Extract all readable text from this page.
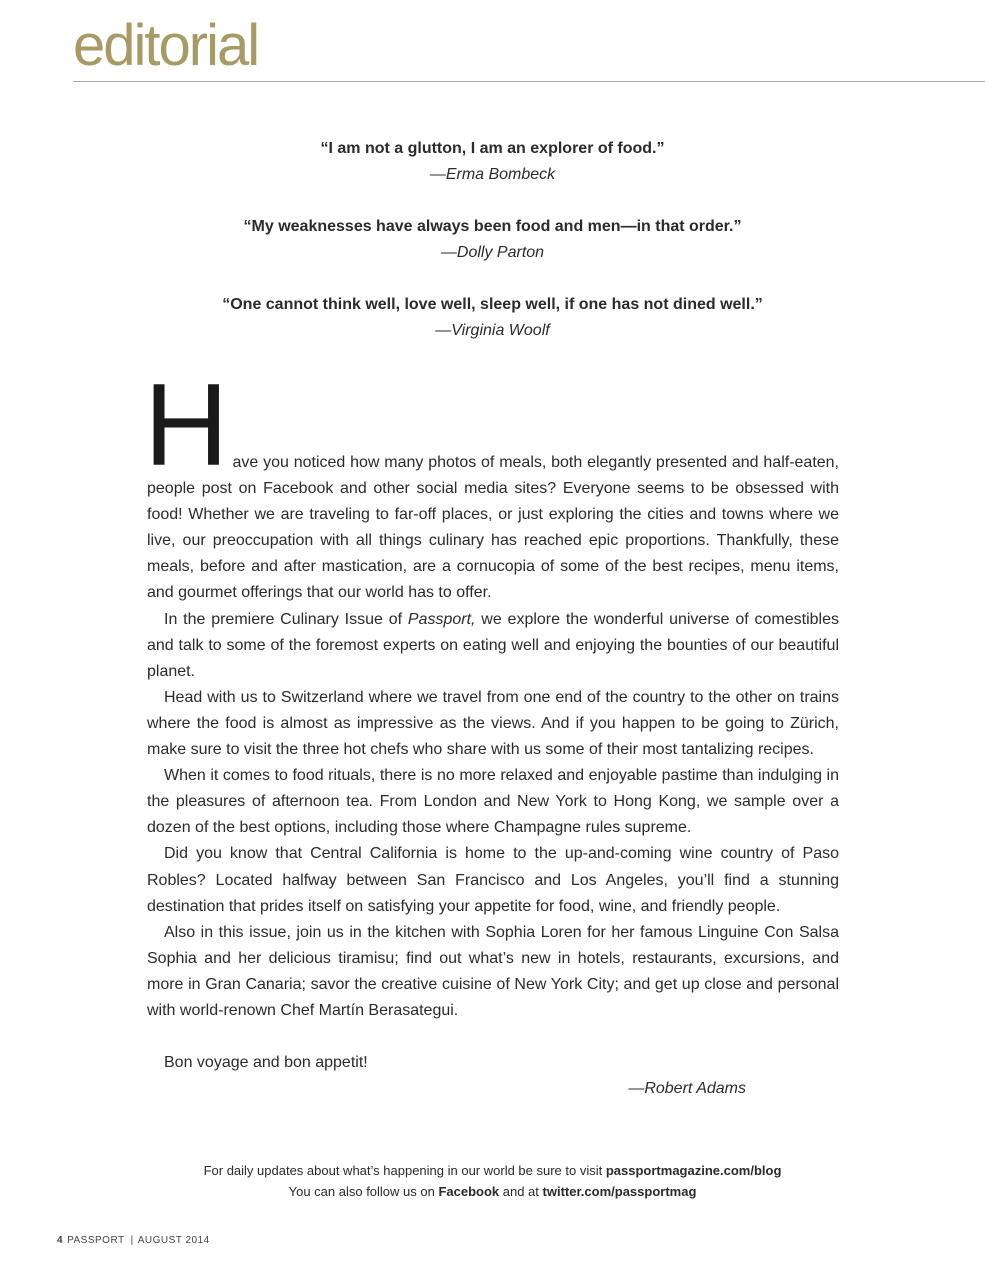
editorial
“I am not a glutton, I am an explorer of food.”
—Erma Bombeck
“My weaknesses have always been food and men—in that order.”
—Dolly Parton
“One cannot think well, love well, sleep well, if one has not dined well.”
—Virginia Woolf

H ave you noticed how many photos of meals, both elegantly presented and half-eaten, people post on Facebook and other social media sites? Everyone seems to be obsessed with food! Whether we are traveling to far-off places, or just exploring the cities and towns where we live, our preoccupation with all things culinary has reached epic proportions. Thankfully, these meals, before and after mastication, are a cornucopia of some of the best recipes, menu items, and gourmet offerings that our world has to offer.

In the premiere Culinary Issue of Passport, we explore the wonderful universe of comestibles and talk to some of the foremost experts on eating well and enjoying the bounties of our beautiful planet.

Head with us to Switzerland where we travel from one end of the country to the other on trains where the food is almost as impressive as the views. And if you happen to be going to Zürich, make sure to visit the three hot chefs who share with us some of their most tantalizing recipes.

When it comes to food rituals, there is no more relaxed and enjoyable pastime than indulging in the pleasures of afternoon tea. From London and New York to Hong Kong, we sample over a dozen of the best options, including those where Champagne rules supreme.

Did you know that Central California is home to the up-and-coming wine country of Paso Robles? Located halfway between San Francisco and Los Angeles, you’ll find a stunning destination that prides itself on satisfying your appetite for food, wine, and friendly people.

Also in this issue, join us in the kitchen with Sophia Loren for her famous Linguine Con Salsa Sophia and her delicious tiramisu; find out what’s new in hotels, restaurants, excursions, and more in Gran Canaria; savor the creative cuisine of New York City; and get up close and personal with world-renown Chef Martín Berasategui.

Bon voyage and bon appetit!

—Robert Adams
For daily updates about what’s happening in our world be sure to visit passportmagazine.com/blog
You can also follow us on Facebook and at twitter.com/passportmag
4 PASSPORT | AUGUST 2014
